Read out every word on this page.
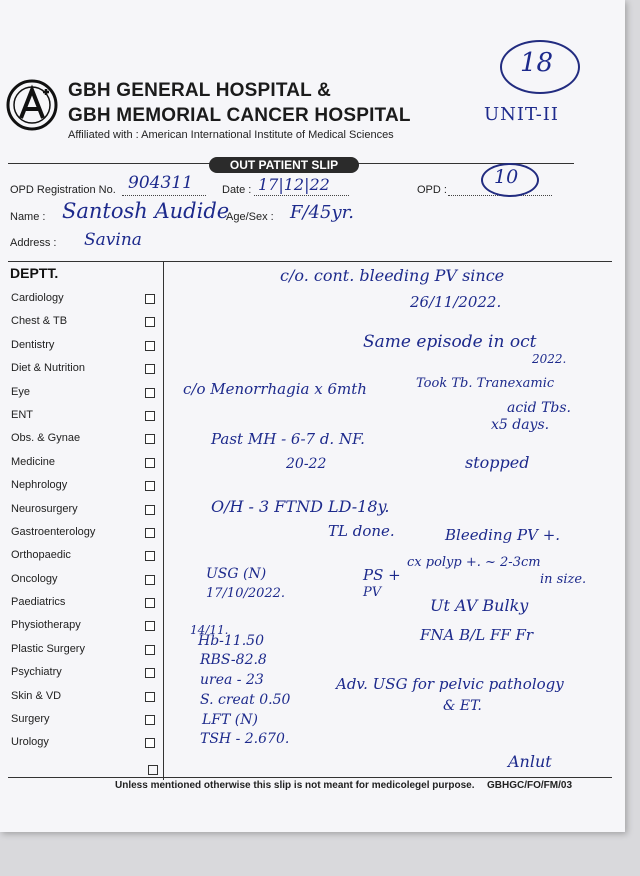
GBH GENERAL HOSPITAL &
GBH MEMORIAL CANCER HOSPITAL
Affiliated with : American International Institute of Medical Sciences
18
UNIT-II
OUT PATIENT SLIP
OPD Registration No. 904311	Date : 17|12|22	OPD :
10
Name : Santosh Audide
Age/Sex : F/45yr.
Address : Savina
DEPTT.
Cardiology
Chest & TB
Dentistry
Diet & Nutrition
Eye
ENT
Obs. & Gynae
Medicine
Nephrology
Neurosurgery
Gastroenterology
Orthopaedic
Oncology
Paediatrics
Physiotherapy
Plastic Surgery
Psychiatry
Skin & VD
Surgery
Urology
c/o. cont. bleeding PV since
26/11/2022.
Same episode in oct
2022.
c/o Menorrhagia x 6mth	Took Tb. Tranexamic
acid Tbs.
x5 days.
Past MH - 6-7 d. NF.
20-22	stopped
O/H - 3 FTND LD-18y.
TL done.	Bleeding PV +.
PS +
PV
cx polyp +. ~ 2-3cm
in size.
USG (N)
17/10/2022.
Ut AV Bulky
FNA B/L FF Fr
14/11.
Hb-11.50
RBS-82.8
urea - 23
S. creat 0.50
LFT (N)
TSH - 2.670.
Adv. USG for pelvic pathology
& ET.
Anlut
Unless mentioned otherwise this slip is not meant for medicolegel purpose. GBHGC/FO/FM/03
